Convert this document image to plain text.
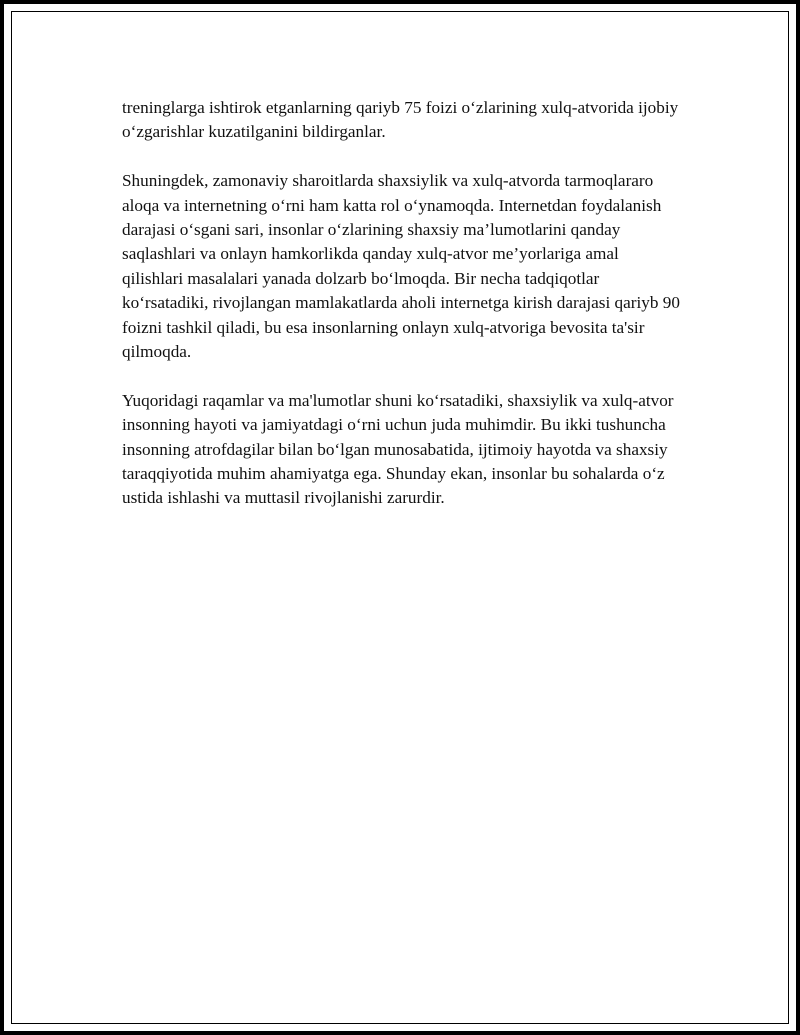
treninglarga ishtirok etganlarning qariyb 75 foizi o‘zlarining xulq-atvorida ijobiy o‘zgarishlar kuzatilganini bildirganlar.

Shuningdek, zamonaviy sharoitlarda shaxsiylik va xulq-atvorda tarmoqlararo aloqa va internetning o‘rni ham katta rol o‘ynamoqda. Internetdan foydalanish darajasi o‘sgani sari, insonlar o‘zlarining shaxsiy ma’lumotlarini qanday saqlashlari va onlayn hamkorlikda qanday xulq-atvor me’yorlariga amal qilishlari masalalari yanada dolzarb bo‘lmoqda. Bir necha tadqiqotlar ko‘rsatadiki, rivojlangan mamlakatlarda aholi internetga kirish darajasi qariyb 90 foizni tashkil qiladi, bu esa insonlarning onlayn xulq-atvoriga bevosita ta'sir qilmoqda.

Yuqoridagi raqamlar va ma'lumotlar shuni ko‘rsatadiki, shaxsiylik va xulq-atvor insonning hayoti va jamiyatdagi o‘rni uchun juda muhimdir. Bu ikki tushuncha insonning atrofdagilar bilan bo‘lgan munosabatida, ijtimoiy hayotda va shaxsiy taraqqiyotida muhim ahamiyatga ega. Shunday ekan, insonlar bu sohalarda o‘z ustida ishlashi va muttasil rivojlanishi zarurdir.
